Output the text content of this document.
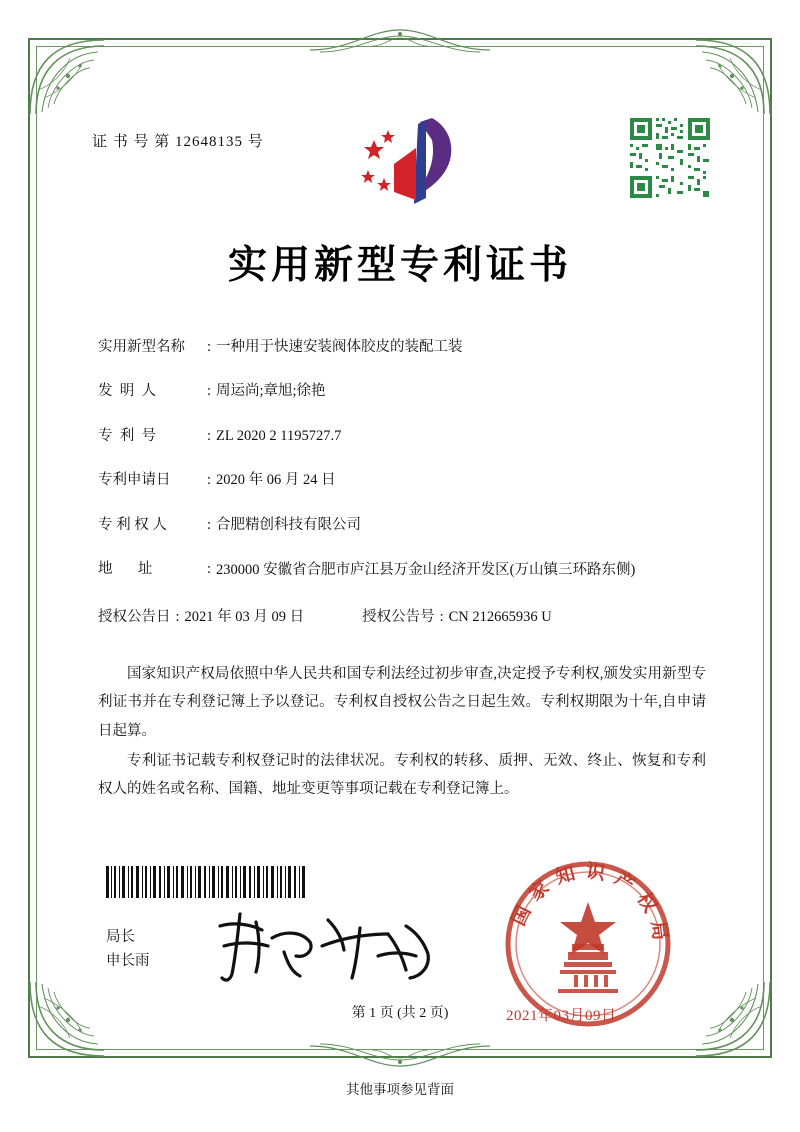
证 书 号 第 12648135 号
实用新型专利证书
实用新型名称	: 一种用于快速安装阀体胶皮的装配工装
发  明  人	: 周运尚;章旭;徐艳
专  利  号	: ZL 2020 2 1195727.7
专利申请日	: 2020 年 06 月 24 日
专 利 权 人	: 合肥精创科技有限公司
地       址	: 230000 安徽省合肥市庐江县万金山经济开发区(万山镇三环路东侧)
授权公告日 : 2021 年 03 月 09 日	授权公告号 : CN 212665936 U

国家知识产权局依照中华人民共和国专利法经过初步审查,决定授予专利权,颁发实用新型专利证书并在专利登记簿上予以登记。专利权自授权公告之日起生效。专利权期限为十年,自申请日起算。

专利证书记载专利权登记时的法律状况。专利权的转移、质押、无效、终止、恢复和专利权人的姓名或名称、国籍、地址变更等事项记载在专利登记簿上。

局长
申长雨
国家知识产权局
2021年03月09日
第 1 页 (共 2 页)
其他事项参见背面
